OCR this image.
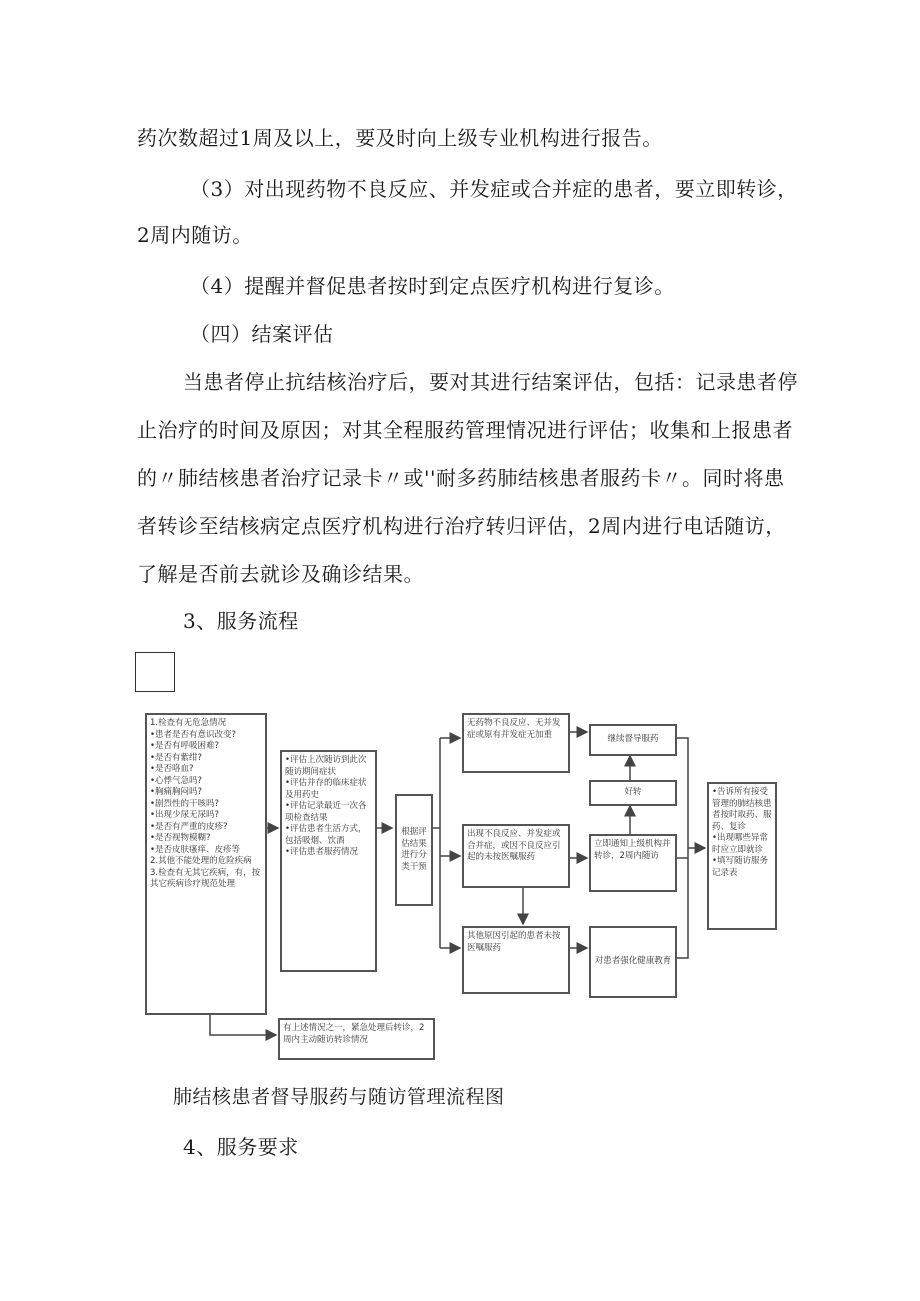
药次数超过1周及以上，要及时向上级专业机构进行报告。
（3）对出现药物不良反应、并发症或合并症的患者，要立即转诊，
2周内随访。
（4）提醒并督促患者按时到定点医疗机构进行复诊。
（四）结案评估
当患者停止抗结核治疗后，要对其进行结案评估，包括：记录患者停
止治疗的时间及原因；对其全程服药管理情况进行评估；收集和上报患者
的〃肺结核患者治疗记录卡〃或''耐多药肺结核患者服药卡〃。同时将患
者转诊至结核病定点医疗机构进行治疗转归评估，2周内进行电话随访，
了解是否前去就诊及确诊结果。
3、服务流程
1.检查有无危急情况
•患者是否有意识改变?
•是否有呼吸困难?
•是否有紫绀?
•是否咯血?
•心悸气急吗?
•胸痛胸闷吗?
•剧烈性的干咳吗?
•出现少尿无尿吗?
•是否有严重的皮疹?
•是否视物模糊?
•是否皮肤瘙痒、皮疹等
2.其他不能处理的危险疾病
3.检查有无其它疾病，有，按其它疾病诊疗规范处理
•评估上次随访到此次随访期间症状
•评估并存的临床症状及用药史
•评估记录最近一次各项检查结果
•评估患者生活方式，包括吸烟、饮酒
•评估患者服药情况
根据评估结果进行分类干预
无药物不良反应、无并发症或原有并发症无加重
出现不良反应、并发症或合并症，或因不良反应引起的未按医嘱服药
其他原因引起的患者未按医嘱服药
继续督导服药
好转
立即通知上级机构并转诊，2周内随访
对患者强化健康教育
•告诉所有接受管理的肺结核患者按时取药、服药、复诊
•出现哪些异常时应立即就诊
•填写随访服务记录表
有上述情况之一，紧急处理后转诊，2周内主动随访转诊情况
肺结核患者督导服药与随访管理流程图
4、服务要求
